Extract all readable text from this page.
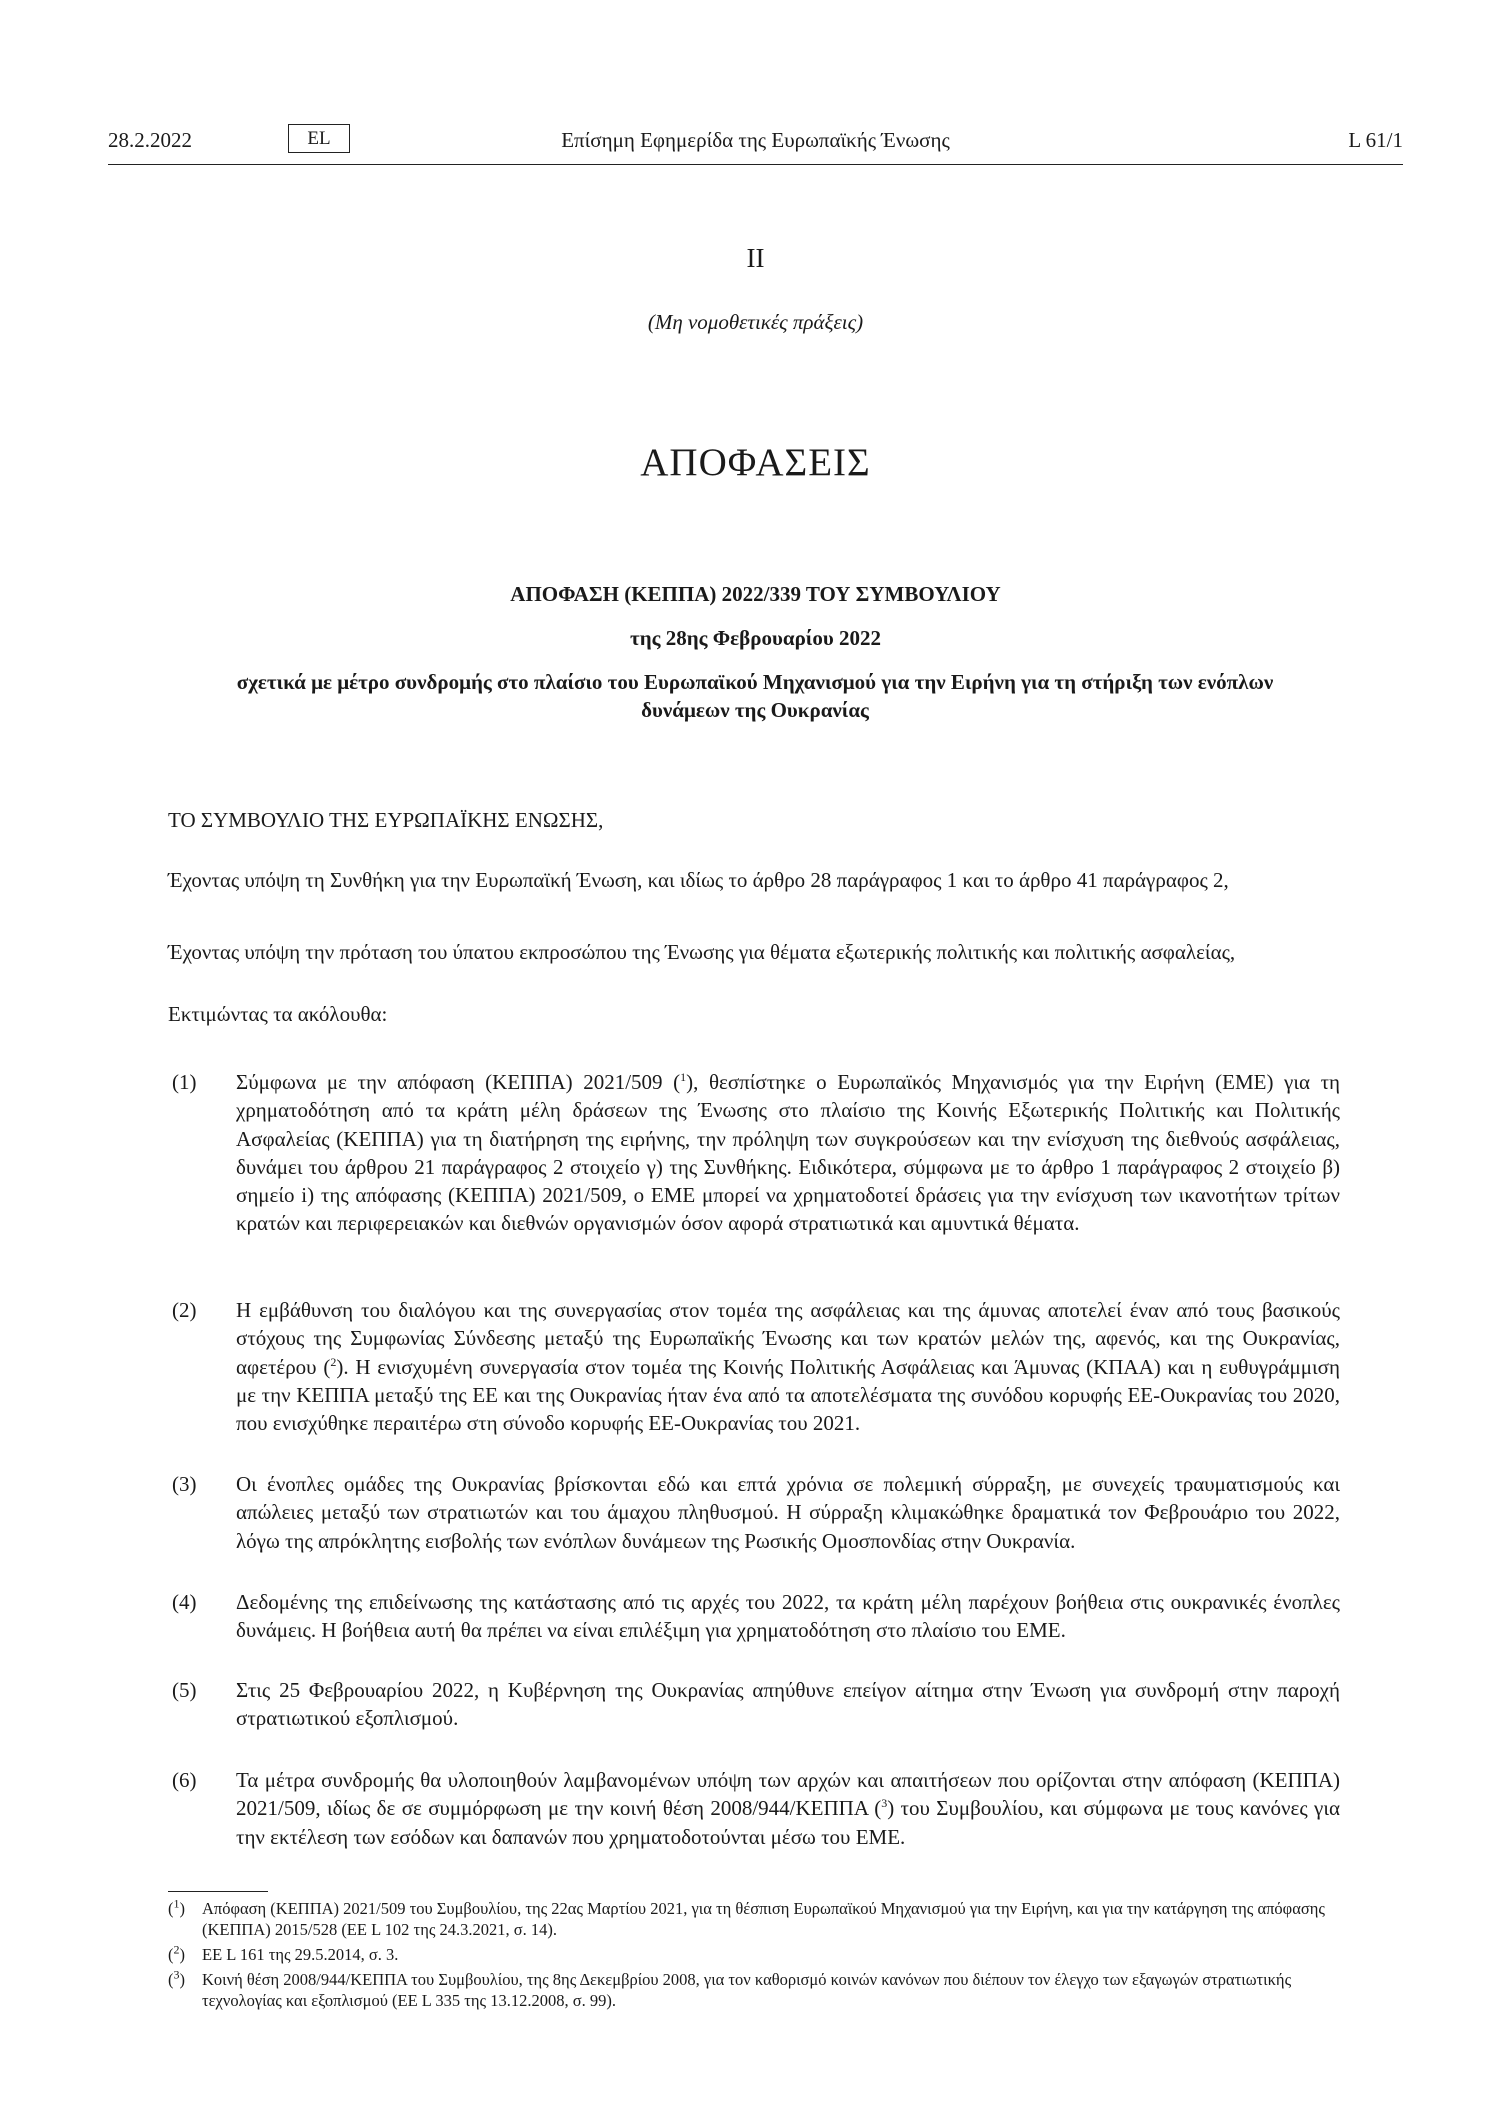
28.2.2022	EL	Επίσημη Εφημερίδα της Ευρωπαϊκής Ένωσης	L 61/1
II
(Μη νομοθετικές πράξεις)
ΑΠΟΦΑΣΕΙΣ
ΑΠΟΦΑΣΗ (ΚΕΠΠΑ) 2022/339 ΤΟΥ ΣΥΜΒΟΥΛΙΟΥ
της 28ης Φεβρουαρίου 2022
σχετικά με μέτρο συνδρομής στο πλαίσιο του Ευρωπαϊκού Μηχανισμού για την Ειρήνη για τη στήριξη των ενόπλων δυνάμεων της Ουκρανίας
ΤΟ ΣΥΜΒΟΥΛΙΟ ΤΗΣ ΕΥΡΩΠΑΪΚΗΣ ΕΝΩΣΗΣ,
Έχοντας υπόψη τη Συνθήκη για την Ευρωπαϊκή Ένωση, και ιδίως το άρθρο 28 παράγραφος 1 και το άρθρο 41 παράγραφος 2,
Έχοντας υπόψη την πρόταση του ύπατου εκπροσώπου της Ένωσης για θέματα εξωτερικής πολιτικής και πολιτικής ασφαλείας,
Εκτιμώντας τα ακόλουθα:
(1)	Σύμφωνα με την απόφαση (ΚΕΠΠΑ) 2021/509 ($^1$), θεσπίστηκε ο Ευρωπαϊκός Μηχανισμός για την Ειρήνη (ΕΜΕ) για τη χρηματοδότηση από τα κράτη μέλη δράσεων της Ένωσης στο πλαίσιο της Κοινής Εξωτερικής Πολιτικής και Πολιτικής Ασφαλείας (ΚΕΠΠΑ) για τη διατήρηση της ειρήνης, την πρόληψη των συγκρούσεων και την ενίσχυση της διεθνούς ασφάλειας, δυνάμει του άρθρου 21 παράγραφος 2 στοιχείο γ) της Συνθήκης. Ειδικότερα, σύμφωνα με το άρθρο 1 παράγραφος 2 στοιχείο β) σημείο i) της απόφασης (ΚΕΠΠΑ) 2021/509, ο ΕΜΕ μπορεί να χρηματοδοτεί δράσεις για την ενίσχυση των ικανοτήτων τρίτων κρατών και περιφερειακών και διεθνών οργανισμών όσον αφορά στρατιωτικά και αμυντικά θέματα.
(2)	Η εμβάθυνση του διαλόγου και της συνεργασίας στον τομέα της ασφάλειας και της άμυνας αποτελεί έναν από τους βασικούς στόχους της Συμφωνίας Σύνδεσης μεταξύ της Ευρωπαϊκής Ένωσης και των κρατών μελών της, αφενός, και της Ουκρανίας, αφετέρου ($^2$). Η ενισχυμένη συνεργασία στον τομέα της Κοινής Πολιτικής Ασφάλειας και Άμυνας (ΚΠΑΑ) και η ευθυγράμμιση με την ΚΕΠΠΑ μεταξύ της ΕΕ και της Ουκρανίας ήταν ένα από τα αποτελέσματα της συνόδου κορυφής ΕΕ-Ουκρανίας του 2020, που ενισχύθηκε περαιτέρω στη σύνοδο κορυφής ΕΕ-Ουκρανίας του 2021.
(3)	Οι ένοπλες ομάδες της Ουκρανίας βρίσκονται εδώ και επτά χρόνια σε πολεμική σύρραξη, με συνεχείς τραυματισμούς και απώλειες μεταξύ των στρατιωτών και του άμαχου πληθυσμού. Η σύρραξη κλιμακώθηκε δραματικά τον Φεβρουάριο του 2022, λόγω της απρόκλητης εισβολής των ενόπλων δυνάμεων της Ρωσικής Ομοσπονδίας στην Ουκρανία.
(4)	Δεδομένης της επιδείνωσης της κατάστασης από τις αρχές του 2022, τα κράτη μέλη παρέχουν βοήθεια στις ουκρανικές ένοπλες δυνάμεις. Η βοήθεια αυτή θα πρέπει να είναι επιλέξιμη για χρηματοδότηση στο πλαίσιο του ΕΜΕ.
(5)	Στις 25 Φεβρουαρίου 2022, η Κυβέρνηση της Ουκρανίας απηύθυνε επείγον αίτημα στην Ένωση για συνδρομή στην παροχή στρατιωτικού εξοπλισμού.
(6)	Τα μέτρα συνδρομής θα υλοποιηθούν λαμβανομένων υπόψη των αρχών και απαιτήσεων που ορίζονται στην απόφαση (ΚΕΠΠΑ) 2021/509, ιδίως δε σε συμμόρφωση με την κοινή θέση 2008/944/ΚΕΠΠΑ ($^3$) του Συμβουλίου, και σύμφωνα με τους κανόνες για την εκτέλεση των εσόδων και δαπανών που χρηματοδοτούνται μέσω του ΕΜΕ.
($^1$) Απόφαση (ΚΕΠΠΑ) 2021/509 του Συμβουλίου, της 22ας Μαρτίου 2021, για τη θέσπιση Ευρωπαϊκού Μηχανισμού για την Ειρήνη, και για την κατάργηση της απόφασης (ΚΕΠΠΑ) 2015/528 (ΕΕ L 102 της 24.3.2021, σ. 14).
($^2$) ΕΕ L 161 της 29.5.2014, σ. 3.
($^3$) Κοινή θέση 2008/944/ΚΕΠΠΑ του Συμβουλίου, της 8ης Δεκεμβρίου 2008, για τον καθορισμό κοινών κανόνων που διέπουν τον έλεγχο των εξαγωγών στρατιωτικής τεχνολογίας και εξοπλισμού (ΕΕ L 335 της 13.12.2008, σ. 99).
